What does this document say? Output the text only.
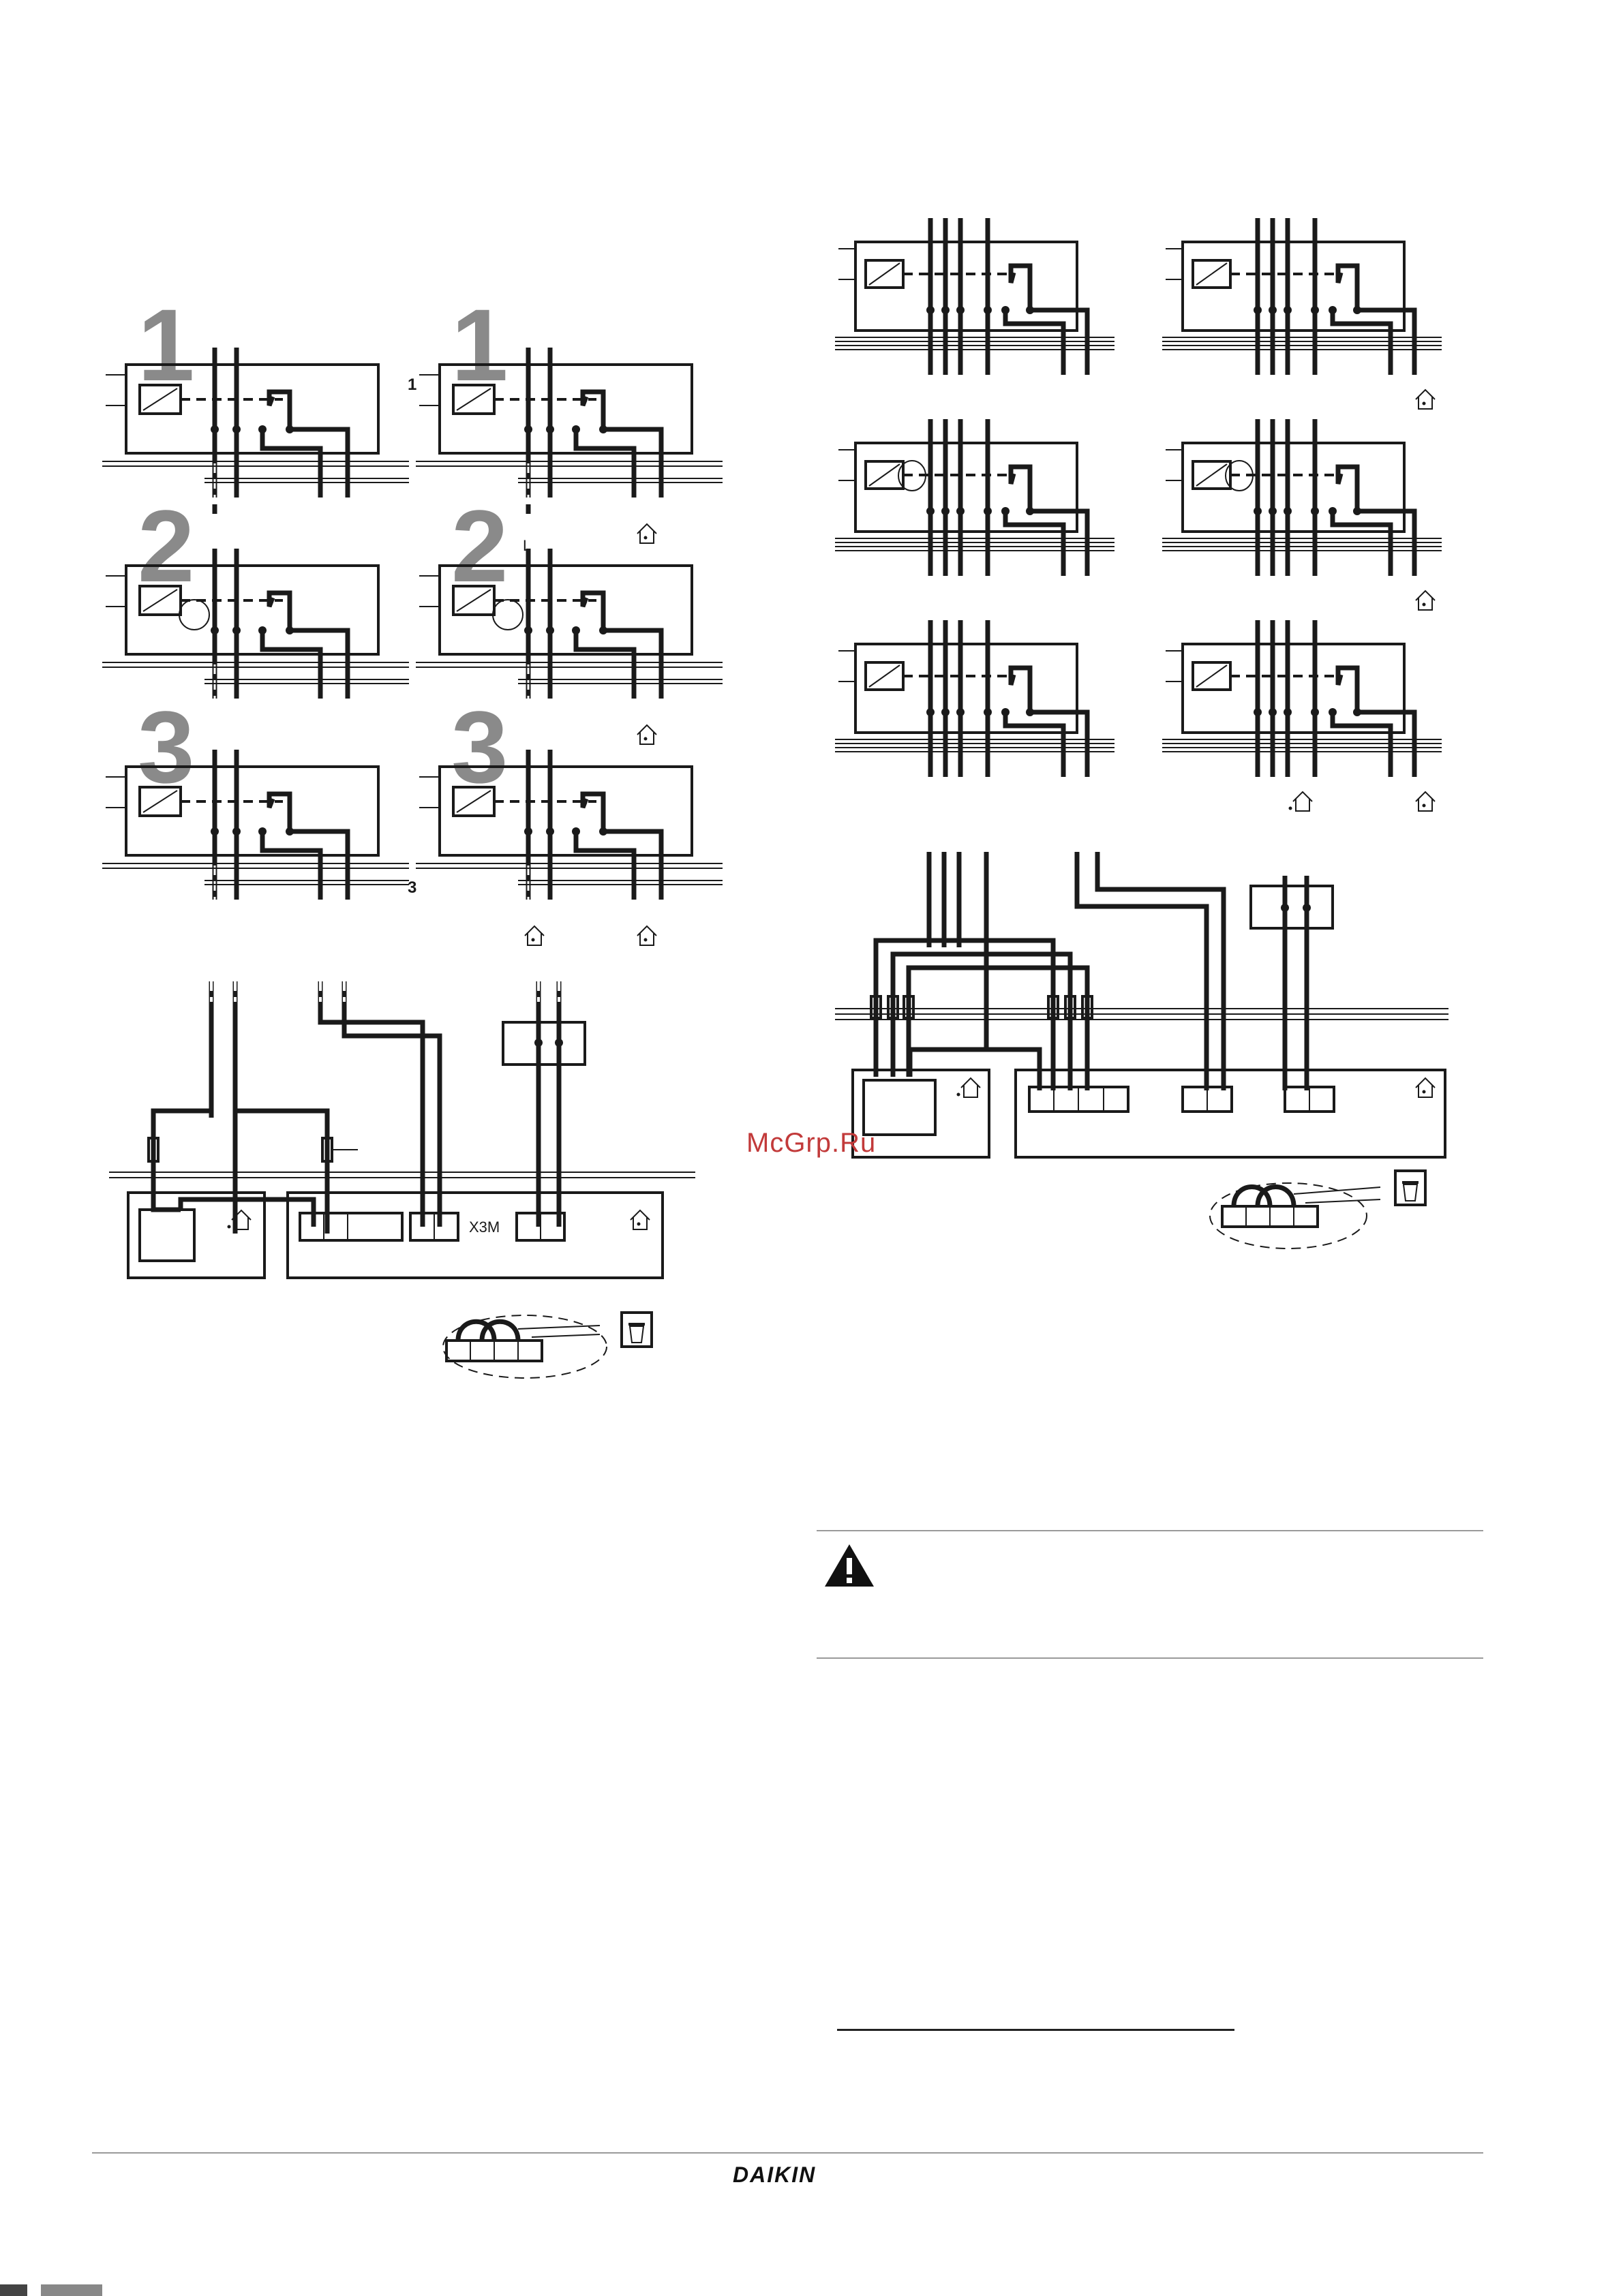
1
2
3
1
2
3
1
L
3
X3M
McGrp.Ru
DAIKIN
